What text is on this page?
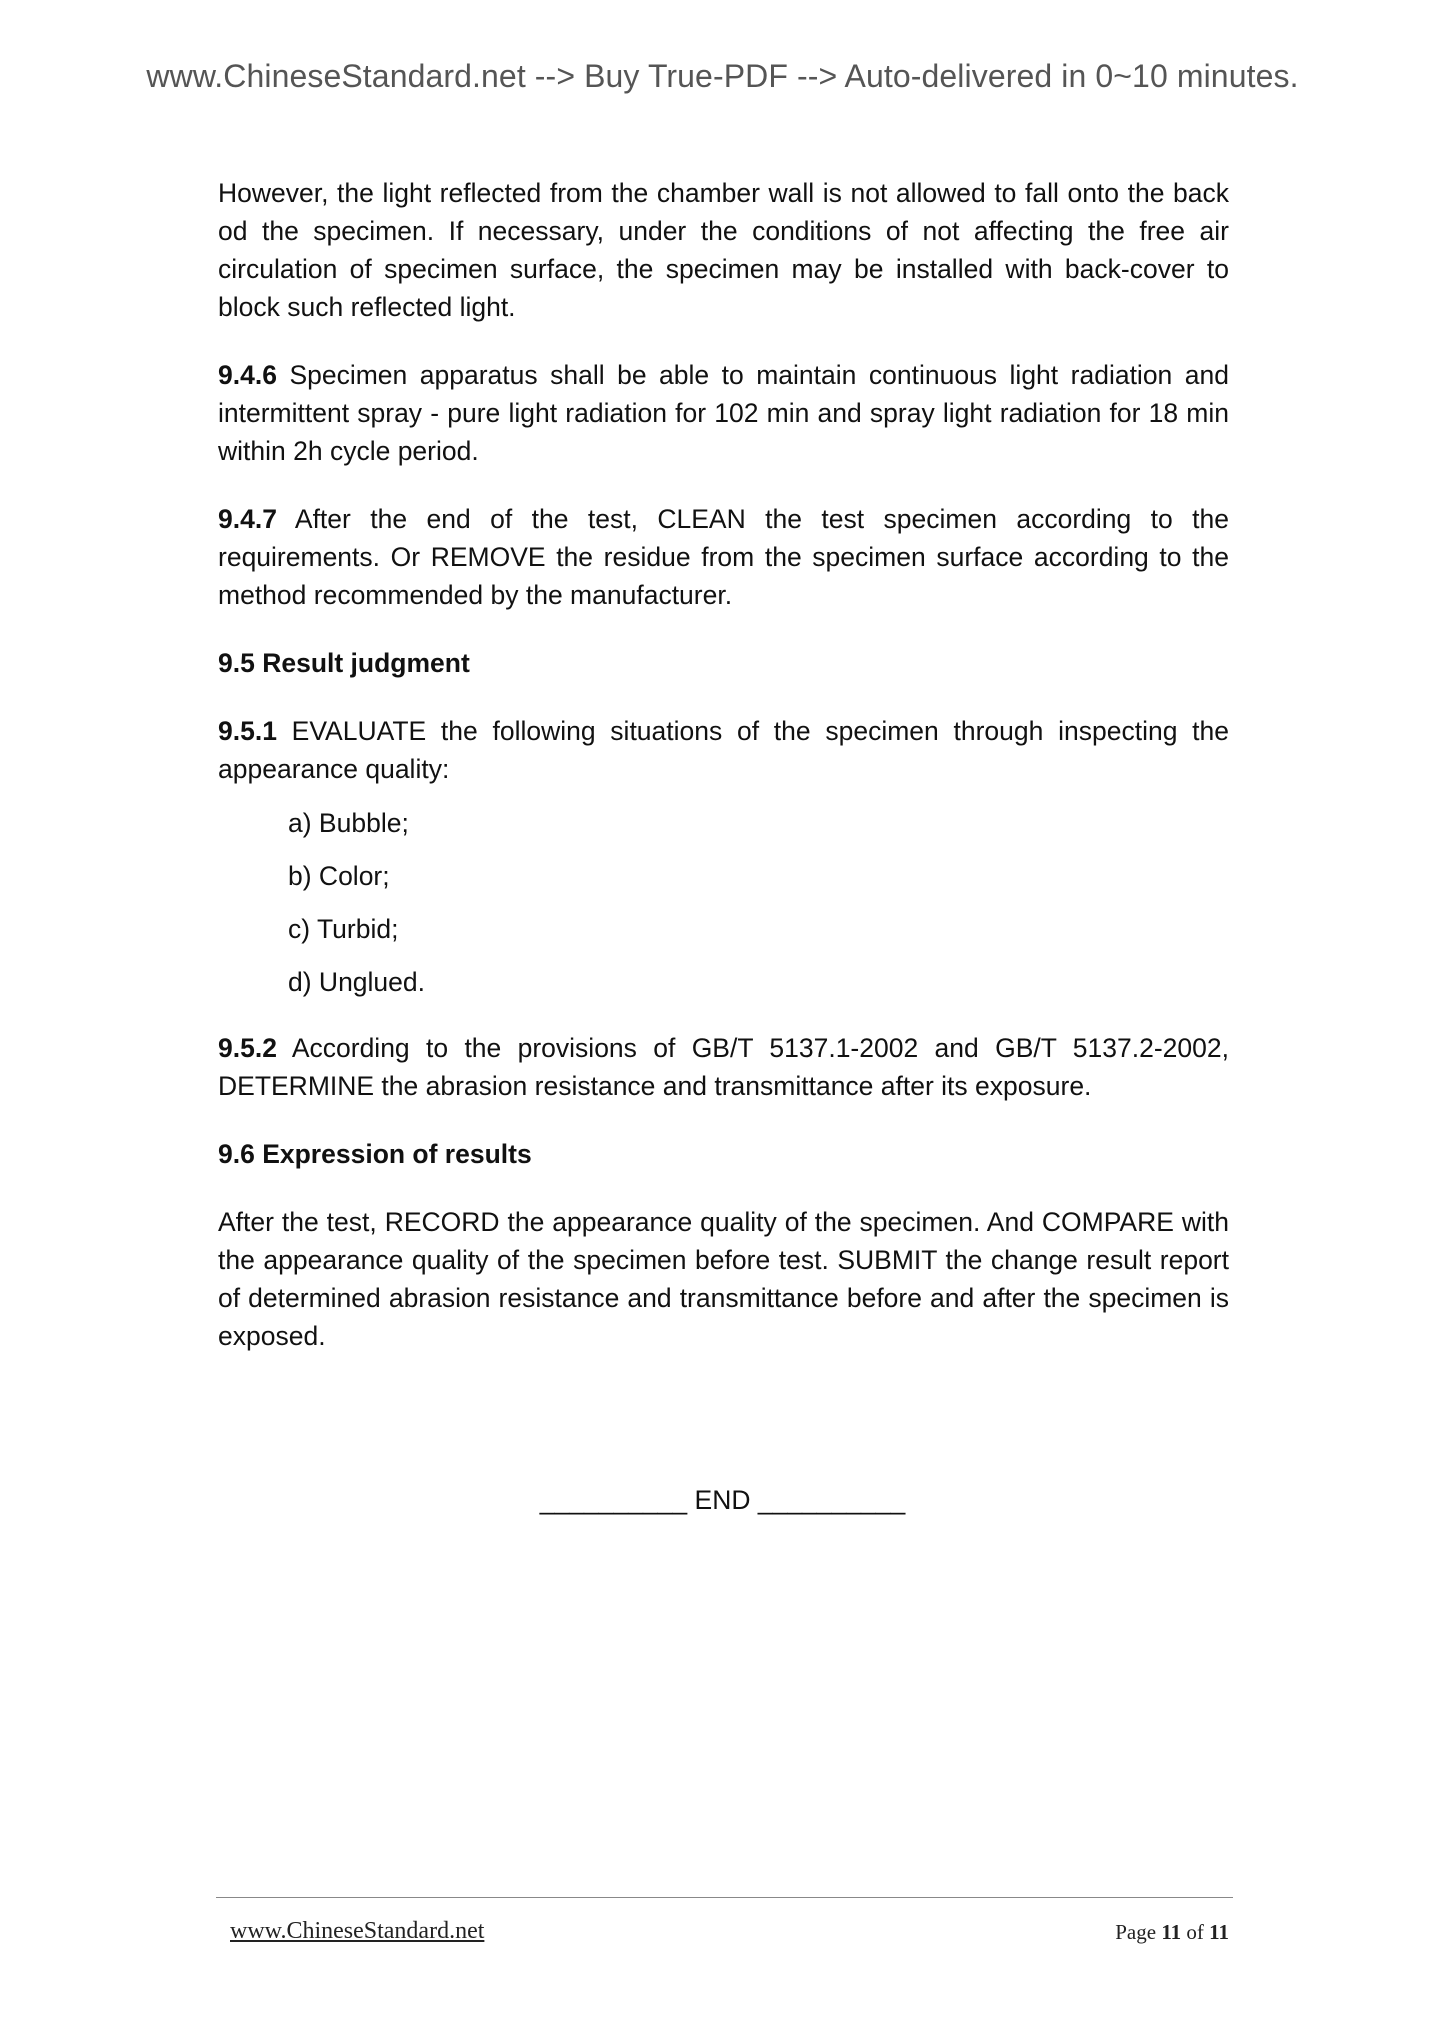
www.ChineseStandard.net --> Buy True-PDF --> Auto-delivered in 0~10 minutes.

However, the light reflected from the chamber wall is not allowed to fall onto the back od the specimen. If necessary, under the conditions of not affecting the free air circulation of specimen surface, the specimen may be installed with back-cover to block such reflected light.

9.4.6 Specimen apparatus shall be able to maintain continuous light radiation and intermittent spray - pure light radiation for 102 min and spray light radiation for 18 min within 2h cycle period.

9.4.7 After the end of the test, CLEAN the test specimen according to the requirements. Or REMOVE the residue from the specimen surface according to the method recommended by the manufacturer.

9.5 Result judgment

9.5.1 EVALUATE the following situations of the specimen through inspecting the appearance quality:

a) Bubble;
b) Color;
c) Turbid;
d) Unglued.

9.5.2 According to the provisions of GB/T 5137.1-2002 and GB/T 5137.2-2002, DETERMINE the abrasion resistance and transmittance after its exposure.

9.6 Expression of results

After the test, RECORD the appearance quality of the specimen. And COMPARE with the appearance quality of the specimen before test. SUBMIT the change result report of determined abrasion resistance and transmittance before and after the specimen is exposed.

__________ END __________
www.ChineseStandard.net	Page 11 of 11
